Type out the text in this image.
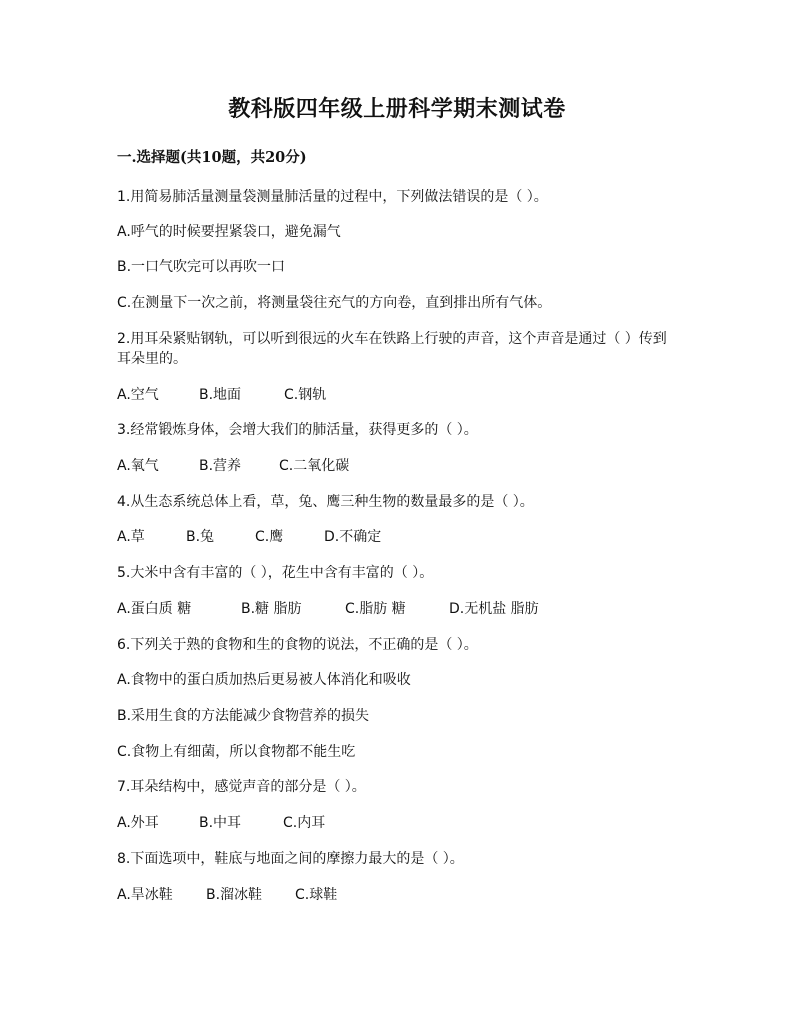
教科版四年级上册科学期末测试卷
一.选择题(共10题，共20分)
1.用简易肺活量测量袋测量肺活量的过程中，下列做法错误的是（ ）。
A.呼气的时候要捏紧袋口，避免漏气
B.一口气吹完可以再吹一口
C.在测量下一次之前，将测量袋往充气的方向卷，直到排出所有气体。
2.用耳朵紧贴钢轨，可以听到很远的火车在铁路上行驶的声音，这个声音是通过（ ）传到耳朵里的。
A.空气	B.地面	C.钢轨
3.经常锻炼身体，会增大我们的肺活量，获得更多的（ ）。
A.氧气	B.营养	C.二氧化碳
4.从生态系统总体上看，草，兔、鹰三种生物的数量最多的是（ ）。
A.草	B.兔	C.鹰	D.不确定
5.大米中含有丰富的（ ），花生中含有丰富的（ ）。
A.蛋白质 糖	B.糖 脂肪	C.脂肪 糖	D.无机盐 脂肪
6.下列关于熟的食物和生的食物的说法，不正确的是（ ）。
A.食物中的蛋白质加热后更易被人体消化和吸收
B.采用生食的方法能减少食物营养的损失
C.食物上有细菌，所以食物都不能生吃
7.耳朵结构中，感觉声音的部分是（ ）。
A.外耳	B.中耳	C.内耳
8.下面选项中，鞋底与地面之间的摩擦力最大的是（ ）。
A.旱冰鞋 B.溜冰鞋 C.球鞋
